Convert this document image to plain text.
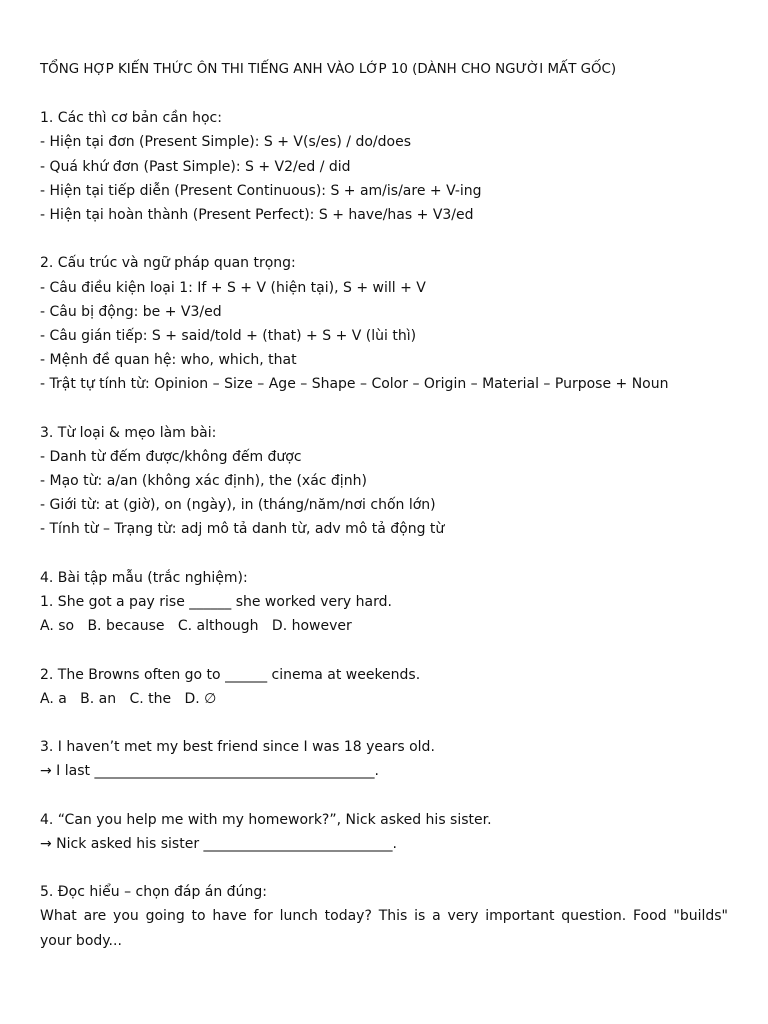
TỔNG HỢP KIẾN THỨC ÔN THI TIẾNG ANH VÀO LỚP 10 (DÀNH CHO NGƯỜI MẤT GỐC)
1. Các thì cơ bản cần học:
- Hiện tại đơn (Present Simple): S + V(s/es) / do/does
- Quá khứ đơn (Past Simple): S + V2/ed / did
- Hiện tại tiếp diễn (Present Continuous): S + am/is/are + V-ing
- Hiện tại hoàn thành (Present Perfect): S + have/has + V3/ed
2. Cấu trúc và ngữ pháp quan trọng:
- Câu điều kiện loại 1: If + S + V (hiện tại), S + will + V
- Câu bị động: be + V3/ed
- Câu gián tiếp: S + said/told + (that) + S + V (lùi thì)
- Mệnh đề quan hệ: who, which, that
- Trật tự tính từ: Opinion – Size – Age – Shape – Color – Origin – Material – Purpose + Noun
3. Từ loại & mẹo làm bài:
- Danh từ đếm được/không đếm được
- Mạo từ: a/an (không xác định), the (xác định)
- Giới từ: at (giờ), on (ngày), in (tháng/năm/nơi chốn lớn)
- Tính từ – Trạng từ: adj mô tả danh từ, adv mô tả động từ
4. Bài tập mẫu (trắc nghiệm):
1. She got a pay rise ______ she worked very hard.
A. so   B. because   C. although   D. however
2. The Browns often go to ______ cinema at weekends.
A. a   B. an   C. the   D. ∅
3. I haven’t met my best friend since I was 18 years old.
→ I last ________________________________________.
4. “Can you help me with my homework?”, Nick asked his sister.
→ Nick asked his sister ___________________________.
5. Đọc hiểu – chọn đáp án đúng:
What are you going to have for lunch today? This is a very important question. Food "builds"
your body...
